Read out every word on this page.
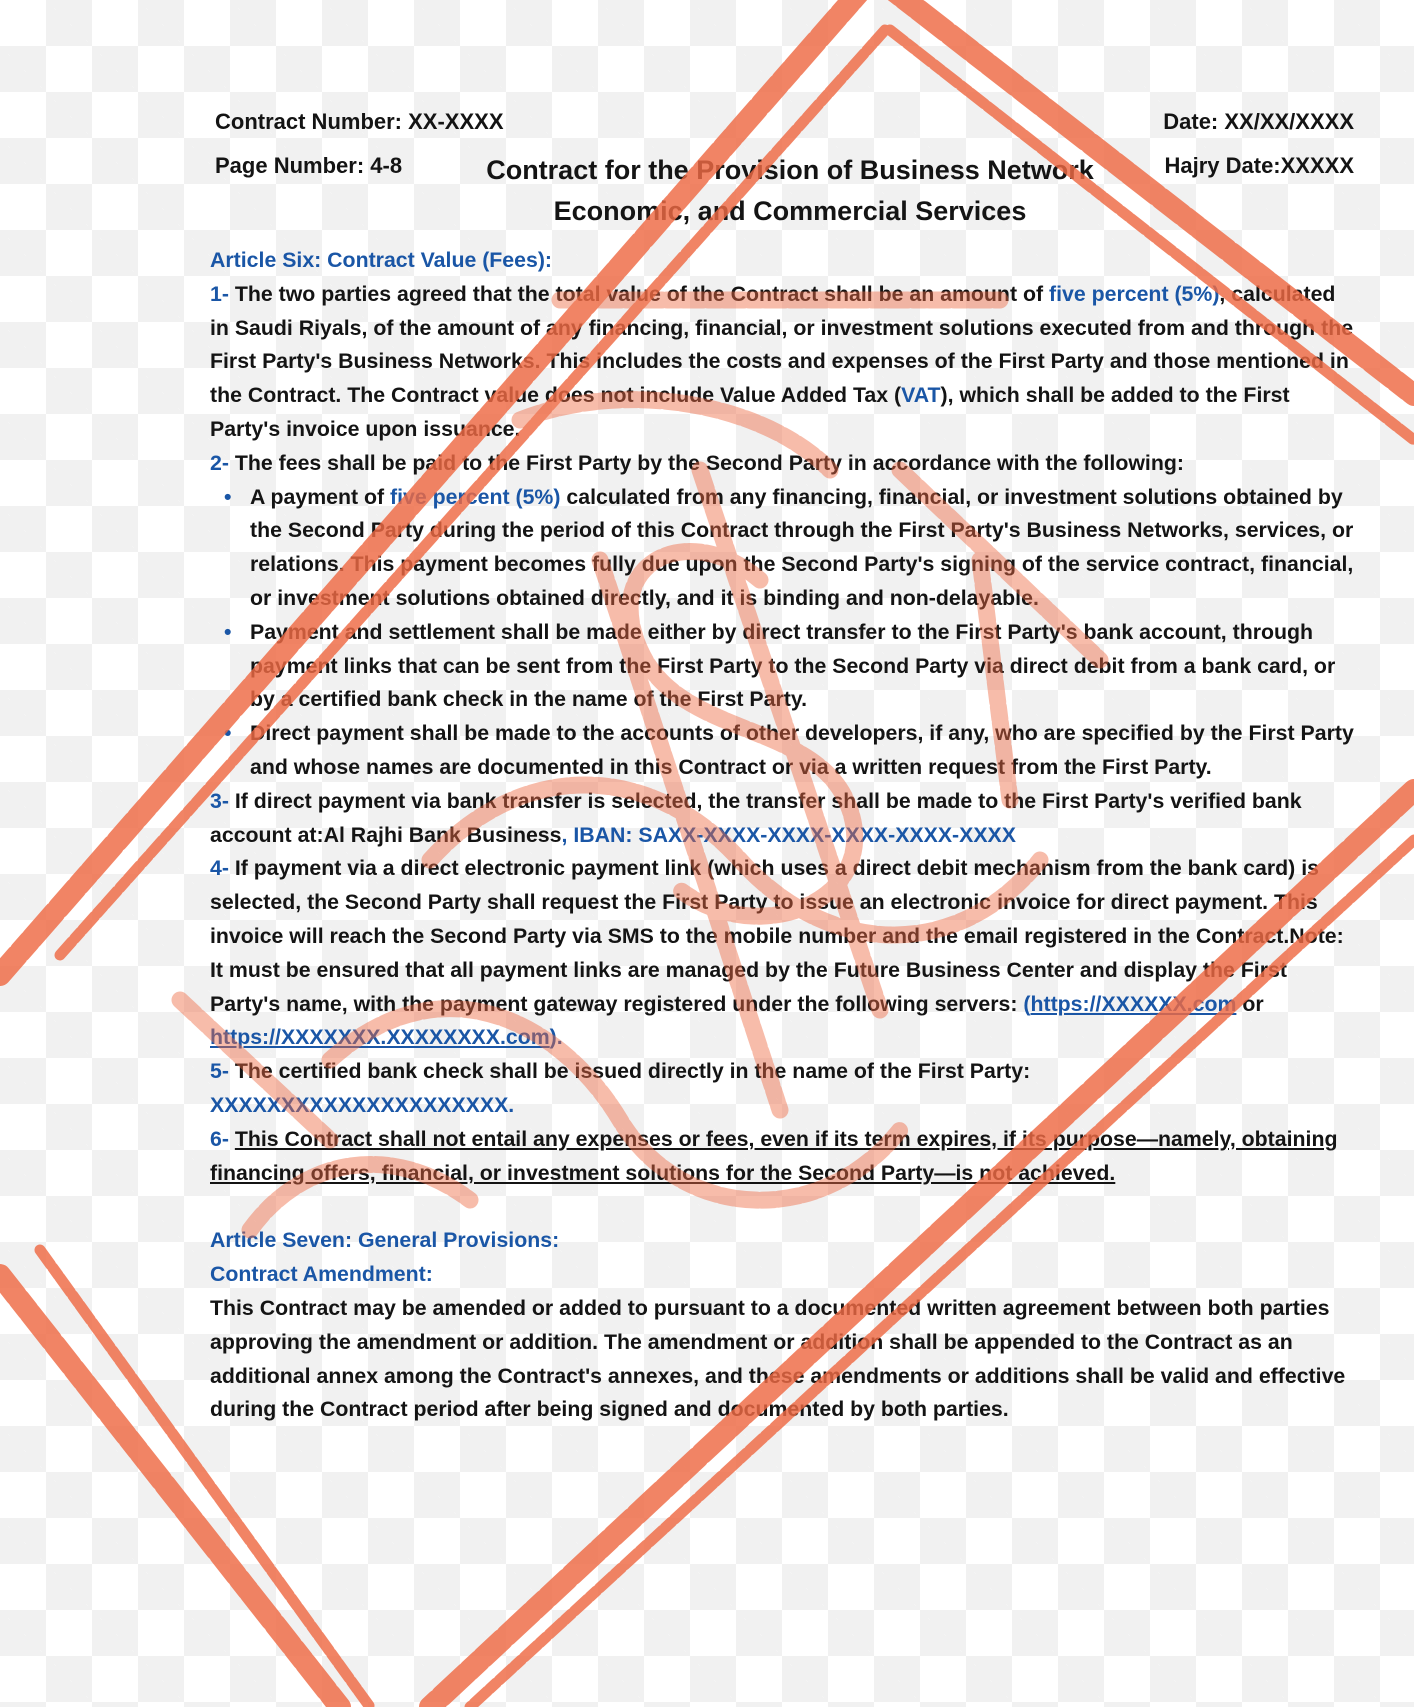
Contract Number: XX-XXXX
Page Number: 4-8
Date: XX/XX/XXXX
Hajry Date:XXXXX
Contract for the Provision of Business Network
Economic, and Commercial Services

Article Six: Contract Value (Fees):

1- The two parties agreed that the total value of the Contract shall be an amount of five percent (5%), calculated in Saudi Riyals, of the amount of any financing, financial, or investment solutions executed from and through the First Party's Business Networks. This includes the costs and expenses of the First Party and those mentioned in the Contract. The Contract value does not include Value Added Tax (VAT), which shall be added to the First Party's invoice upon issuance.

2- The fees shall be paid to the First Party by the Second Party in accordance with the following:

• A payment of five percent (5%) calculated from any financing, financial, or investment solutions obtained by the Second Party during the period of this Contract through the First Party's Business Networks, services, or relations. This payment becomes fully due upon the Second Party's signing of the service contract, financial, or investment solutions obtained directly, and it is binding and non-delayable.
• Payment and settlement shall be made either by direct transfer to the First Party's bank account, through payment links that can be sent from the First Party to the Second Party via direct debit from a bank card, or by a certified bank check in the name of the First Party.
• Direct payment shall be made to the accounts of other developers, if any, who are specified by the First Party and whose names are documented in this Contract or via a written request from the First Party.

3- If direct payment via bank transfer is selected, the transfer shall be made to the First Party's verified bank account at:Al Rajhi Bank Business, IBAN: SAXX-XXXX-XXXX-XXXX-XXXX-XXXX

4- If payment via a direct electronic payment link (which uses a direct debit mechanism from the bank card) is selected, the Second Party shall request the First Party to issue an electronic invoice for direct payment. This invoice will reach the Second Party via SMS to the mobile number and the email registered in the Contract.Note: It must be ensured that all payment links are managed by the Future Business Center and display the First Party's name, with the payment gateway registered under the following servers: (https://XXXXXX.com or https://XXXXXXX.XXXXXXXX.com).

5- The certified bank check shall be issued directly in the name of the First Party:
XXXXXXXXXXXXXXXXXXXXX.

6- This Contract shall not entail any expenses or fees, even if its term expires, if its purpose—namely, obtaining financing offers, financial, or investment solutions for the Second Party—is not achieved.

Article Seven: General Provisions:

Contract Amendment:

This Contract may be amended or added to pursuant to a documented written agreement between both parties approving the amendment or addition. The amendment or addition shall be appended to the Contract as an additional annex among the Contract's annexes, and these amendments or additions shall be valid and effective during the Contract period after being signed and documented by both parties.
